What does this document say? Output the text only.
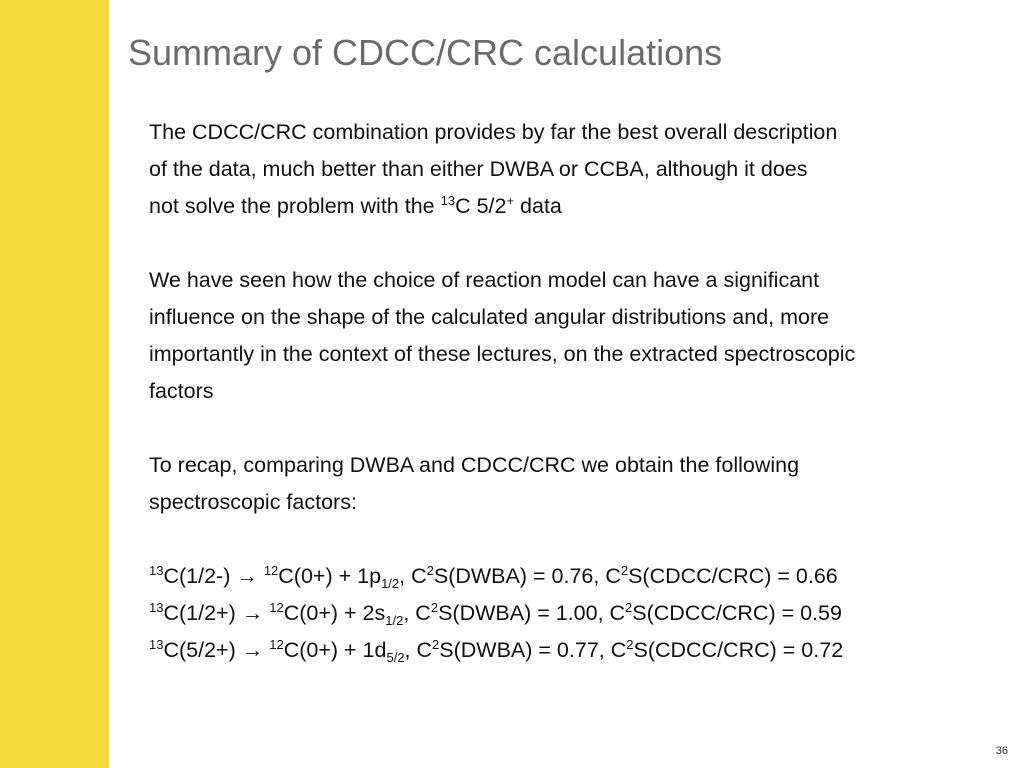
Summary of CDCC/CRC calculations
The CDCC/CRC combination provides by far the best overall description
of the data, much better than either DWBA or CCBA, although it does
not solve the problem with the $^{13}$C 5/2+ data
We have seen how the choice of reaction model can have a significant
influence on the shape of the calculated angular distributions and, more
importantly in the context of these lectures, on the extracted spectroscopic
factors
To recap, comparing DWBA and CDCC/CRC we obtain the following
spectroscopic factors:
$^{13}C(1/2-) \to ^{12}C(0+) + 1p_{1/2}$, $C^2S(DWBA) = 0.76$, $C^2S(CDCC/CRC) = 0.66$
$^{13}C(1/2+) \to ^{12}C(0+) + 2s_{1/2}$, $C^2S(DWBA) = 1.00$, $C^2S(CDCC/CRC) = 0.59$
$^{13}C(5/2+) \to ^{12}C(0+) + 1d_{5/2}$, $C^2S(DWBA) = 0.77$, $C^2S(CDCC/CRC) = 0.72$
36
